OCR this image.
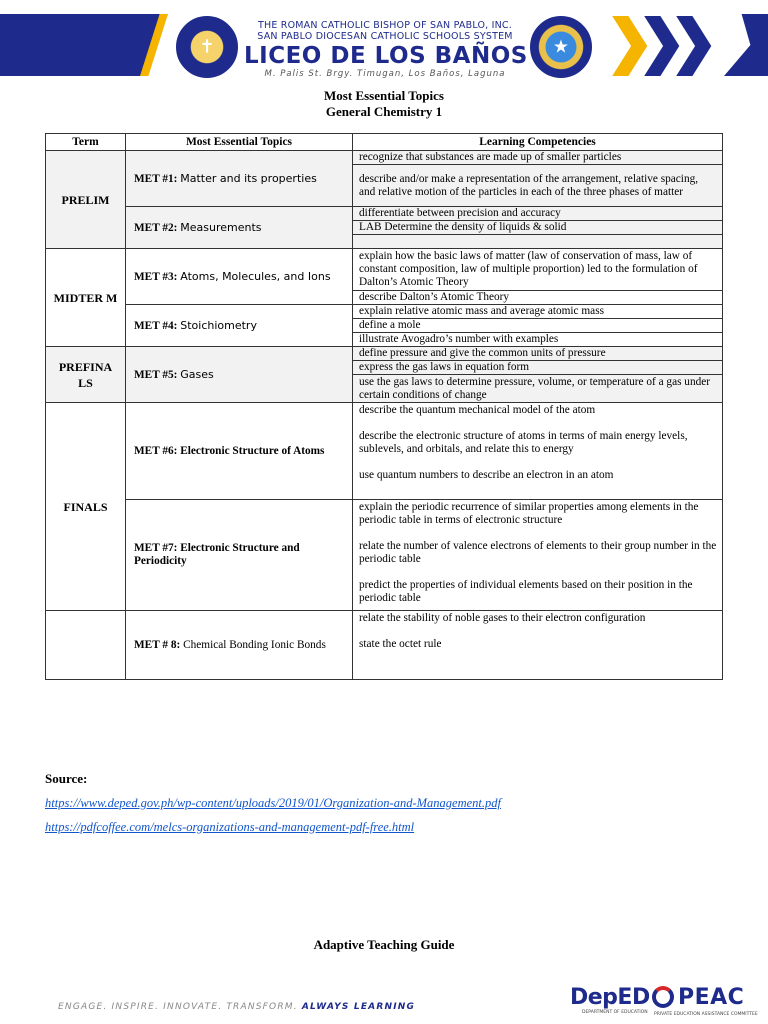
✝
THE ROMAN CATHOLIC BISHOP OF SAN PABLO, INC.
SAN PABLO DIOCESAN CATHOLIC SCHOOLS SYSTEM
LICEO DE LOS BAÑOS
M. Palis St. Brgy. Timugan, Los Baños, Laguna
★
Most Essential Topics
General Chemistry 1
Term	Most Essential Topics	Learning Competencies
PRELIM	MET #1: Matter and its properties	recognize that substances are made up of smaller particles
		describe and/or make a representation of the arrangement, relative spacing, and relative motion of the particles in each of the three phases of matter
	MET #2: Measurements	differentiate between precision and accuracy
		LAB Determine the density of liquids & solid

MIDTER M	MET #3: Atoms, Molecules, and Ions	explain how the basic laws of matter (law of conservation of mass, law of constant composition, law of multiple proportion) led to the formulation of Dalton’s Atomic Theory
		describe Dalton’s Atomic Theory
	MET #4: Stoichiometry	explain relative atomic mass and average atomic mass
		define a mole
		illustrate Avogadro’s number with examples
PREFINA LS	MET #5: Gases	define pressure and give the common units of pressure
		express the gas laws in equation form
		use the gas laws to determine pressure, volume, or temperature of a gas under certain conditions of change
FINALS	MET #6: Electronic Structure of Atoms	describe the quantum mechanical model of the atom
describe the electronic structure of atoms in terms of main energy levels, sublevels, and orbitals, and relate this to energy
use quantum numbers to describe an electron in an atom

	MET #7: Electronic Structure and Periodicity	explain the periodic recurrence of similar properties among elements in the periodic table in terms of electronic structure
relate the number of valence electrons of elements to their group number in the periodic table
predict the properties of individual elements based on their position in the periodic table

	MET # 8: Chemical Bonding Ionic Bonds	relate the stability of noble gases to their electron configuration
state the octet rule
Source:
https://www.deped.gov.ph/wp-content/uploads/2019/01/Organization-and-Management.pdf
https://pdfcoffee.com/melcs-organizations-and-management-pdf-free.html
Adaptive Teaching Guide
ENGAGE. INSPIRE. INNOVATE. TRANSFORM. ALWAYS LEARNING	DepED
DEPARTMENT OF EDUCATION
PEAC
PRIVATE EDUCATION ASSISTANCE COMMITTEE
